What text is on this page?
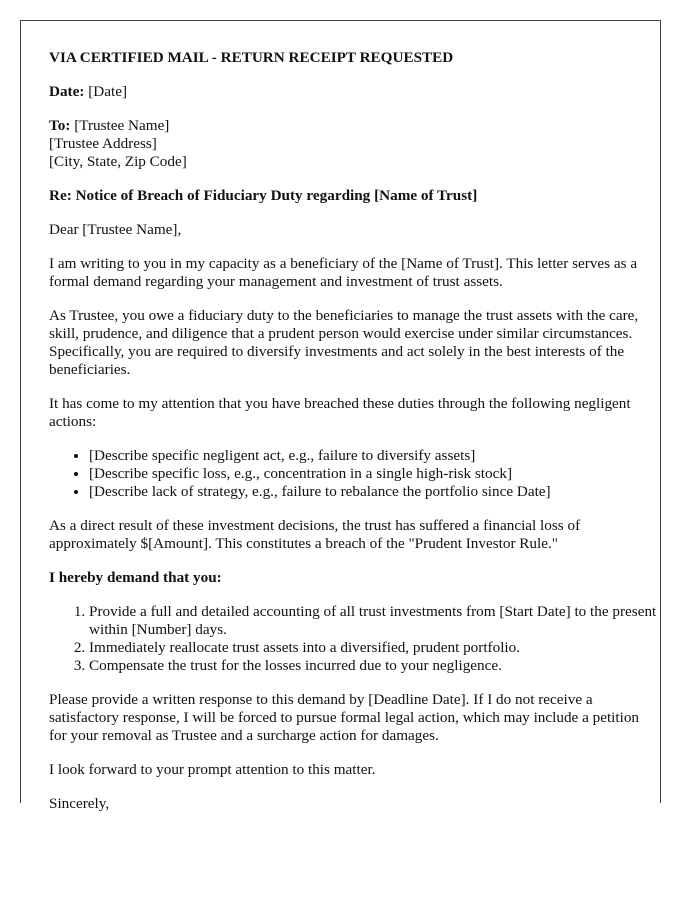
VIA CERTIFIED MAIL - RETURN RECEIPT REQUESTED

Date: [Date]

To: [Trustee Name]
[Trustee Address]
[City, State, Zip Code]

Re: Notice of Breach of Fiduciary Duty regarding [Name of Trust]

Dear [Trustee Name],

I am writing to you in my capacity as a beneficiary of the [Name of Trust]. This letter serves as a formal demand regarding your management and investment of trust assets.

As Trustee, you owe a fiduciary duty to the beneficiaries to manage the trust assets with the care, skill, prudence, and diligence that a prudent person would exercise under similar circumstances. Specifically, you are required to diversify investments and act solely in the best interests of the beneficiaries.

It has come to my attention that you have breached these duties through the following negligent actions:

• [Describe specific negligent act, e.g., failure to diversify assets]
• [Describe specific loss, e.g., concentration in a single high-risk stock]
• [Describe lack of strategy, e.g., failure to rebalance the portfolio since Date]

As a direct result of these investment decisions, the trust has suffered a financial loss of approximately $[Amount]. This constitutes a breach of the "Prudent Investor Rule."

I hereby demand that you:

1. Provide a full and detailed accounting of all trust investments from [Start Date] to the present within [Number] days.
2. Immediately reallocate trust assets into a diversified, prudent portfolio.
3. Compensate the trust for the losses incurred due to your negligence.

Please provide a written response to this demand by [Deadline Date]. If I do not receive a satisfactory response, I will be forced to pursue formal legal action, which may include a petition for your removal as Trustee and a surcharge action for damages.

I look forward to your prompt attention to this matter.

Sincerely,
